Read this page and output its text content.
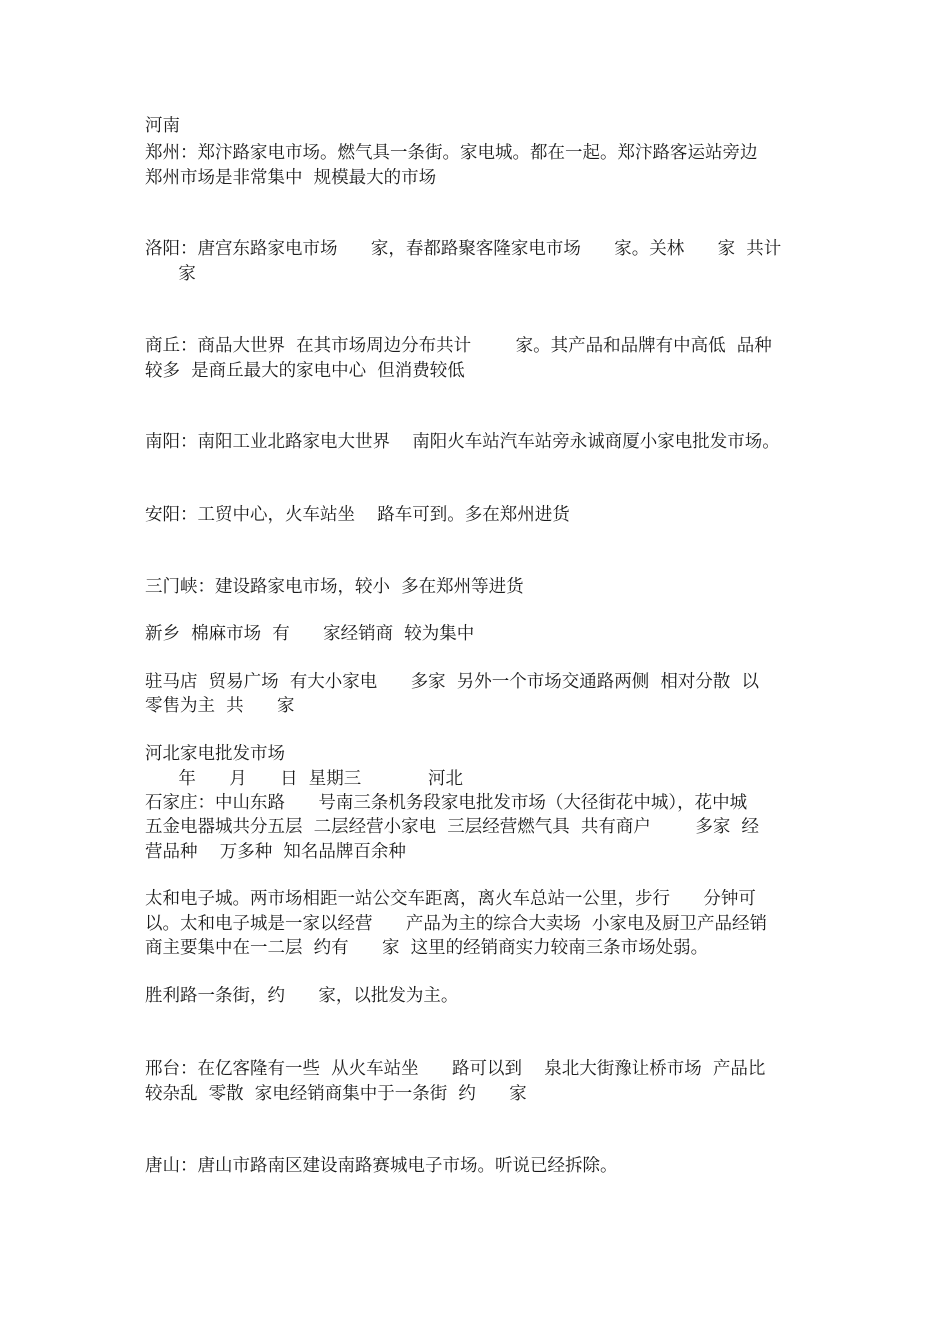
河南
郑州：郑汴路家电市场。燃气具一条街。家电城。都在一起。郑汴路客运站旁边
郑州市场是非常集中  规模最大的市场
洛阳：唐宫东路家电市场      家，春都路聚客隆家电市场      家。关林      家  共计
家
商丘：商品大世界  在其市场周边分布共计        家。其产品和品牌有中高低  品种
较多  是商丘最大的家电中心  但消费较低
南阳：南阳工业北路家电大世界    南阳火车站汽车站旁永诚商厦小家电批发市场。
安阳：工贸中心，火车站坐    路车可到。多在郑州进货
三门峡：建设路家电市场，较小  多在郑州等进货
新乡  棉麻市场  有      家经销商  较为集中
驻马店  贸易广场  有大小家电      多家  另外一个市场交通路两侧  相对分散  以
零售为主  共      家
河北家电批发市场
年      月      日  星期三            河北
石家庄：中山东路      号南三条机务段家电批发市场（大径街花中城），花中城
五金电器城共分五层  二层经营小家电  三层经营燃气具  共有商户        多家  经
营品种    万多种  知名品牌百余种
太和电子城。两市场相距一站公交车距离，离火车总站一公里，步行      分钟可
以。太和电子城是一家以经营      产品为主的综合大卖场  小家电及厨卫产品经销
商主要集中在一二层  约有      家  这里的经销商实力较南三条市场处弱。
胜利路一条街，约      家，以批发为主。
邢台：在亿客隆有一些  从火车站坐      路可以到    泉北大街豫让桥市场  产品比
较杂乱  零散  家电经销商集中于一条街  约      家
唐山：唐山市路南区建设南路赛城电子市场。听说已经拆除。
